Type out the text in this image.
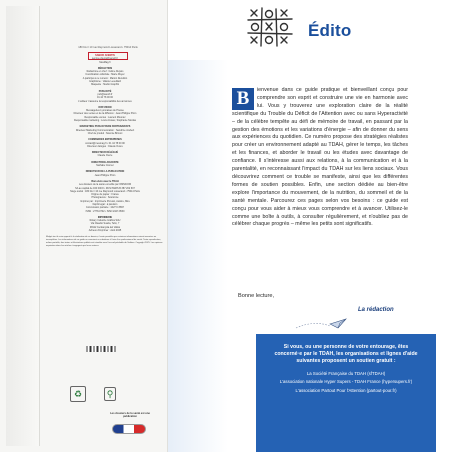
180 bis // 10 rue Raymond Losserand • 75014 Paris
SANOFI AVENTIS
service.clients@sanofi.fr
MesMag.fr
RÉDACTION
Rédactrice en chef : Céline Dupuis
Coordination éditoriale : Marie Moyer
A participé à ce numéro : Marion Renollon
Graphisme : Valérie Leveillard
Maquette : Studio Graphik
PUBLICITÉ
pub@sanofi.fr
01 44 78 00 00
L'éditeur n'assume la responsabilité des annonces
DIFFUSION
Messageries Lyonnaises de Presse
Directeur des ventes et de la diffusion : Jean-Philippe Piron
Responsable ventes : Laurent Mounier
Responsable marketing : Louis Amiaux, Stéphanie Nicolas
MARKETING PUBLICITAIRE PARTENARIATS
Directeur Marketing Communication : Sandrine Joubert
Chef de produit : Noémie Briconi
COMMANDES ENTREPRISES
contact@mesmag.fr • 01 44 78 00 00
Directeur délégué : Claude Ouvre
DIRECTEUR DÉLÉGUÉ
Claude Ouvre
DIRECTRICE ADJOINTE
Nathalie Crémer
DIRECTEUR DE LA PUBLICATION
Jean-Philippe Piron
Bien vivre avec le TDAH
Les dossiers de la santé est édité par OMNICOM
SA au capital de 160 000 € • RCS PARIS B 387 202 637
Siège social : 180 bis // 10 rue Raymond Losserand • 75014 Paris
Origine du papier : France
Photogravure : Scanzone
Imprimé par : Imprimerie Prévost, Autoire, Mire
Dépôt légal : à parution
Commission paritaire : 1027 K 8897
ISSN : 2778-0702 • ISSN 2427-9530
IMPRIMERIE
Rotary Industrie Gráfica SAU
Via Claudio Suaria, Tello, 7
08112 Cerdanyola del Vallès
Achevé d'imprimer : Août 2025
Malgré tout le soin apporté à la réalisation de ce dossier, il reste possible que certaines informations soient inexactes ou incomplètes. Les informations de ce guide ne sauraient se substituer à l'avis d'un professionnel de santé. Toute reproduction, même partielle, des textes et illustrations publiés est interdite sans l'accord préalable de l'éditeur. Copyright 2025. Les opinions exprimées dans les articles n'engagent que leurs auteurs.
♻	⚲
Les dossiers de la santé est une publication
Édito
B	ienvenue dans ce guide pratique et bienveillant conçu pour comprendre son esprit et construire une vie en harmonie avec lui. Vous y trouverez une exploration claire de la réalité scientifique du Trouble du Déficit de l'Attention avec ou sans Hyperactivité – de la célèbre tempête au défi de mémoire de travail, en passant par la gestion des émotions et les variations d'énergie – afin de donner du sens aux expériences du quotidien. Ce numéro propose des stratégies réalistes pour créer un environnement adapté au TDAH, gérer le temps, les tâches et les finances, et aborder le travail ou les études avec davantage de confiance. Il s'intéresse aussi aux relations, à la communication et à la parentalité, en reconnaissant l'impact du TDAH sur les liens sociaux. Vous découvrirez comment ce trouble se manifeste, ainsi que les différentes formes de soutien possibles. Enfin, une section dédiée au bien-être explore l'importance du mouvement, de la nutrition, du sommeil et de la santé mentale. Parcourez ces pages selon vos besoins : ce guide est conçu pour vous aider à mieux vous comprendre et à avancer. Utilisez-le comme une boîte à outils, à consulter régulièrement, et n'oubliez pas de célébrer chaque progrès – même les petits sont significatifs.
Bonne lecture,
La rédaction
Si vous, ou une personne de votre entourage, êtes concerné·e par le TDAH, les organisations et lignes d'aide suivantes proposent un soutien gratuit :
La Société Française du TDAH (sfTDAH)
L'association nationale Hyper Supers - TDAH France (hypersupers.fr)
L'association Partout Pour l'Attention (partout-pour.fr)
